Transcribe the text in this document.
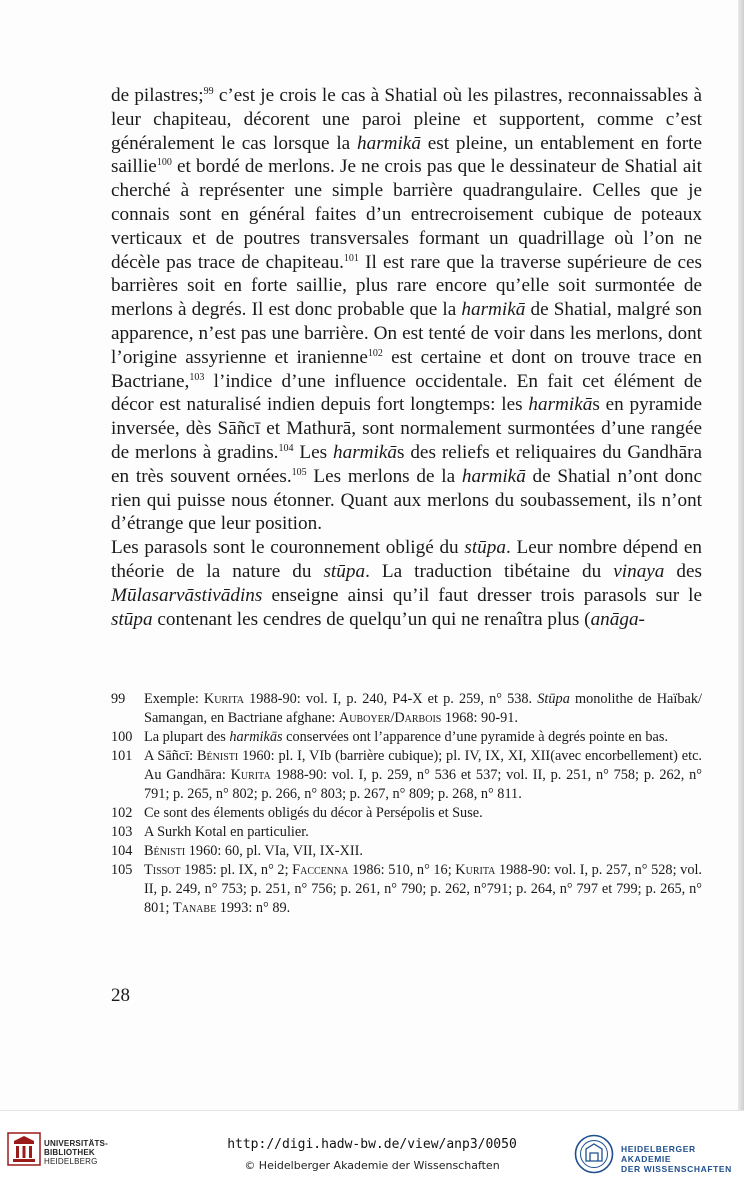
de pilastres;$^{99}$ c’est je crois le cas à Shatial où les pilastres, reconnaissables à leur chapiteau, décorent une paroi pleine et supportent, comme c’est généralement le cas lorsque la harmikā est pleine, un entablement en forte saillie$^{100}$ et bordé de merlons. Je ne crois pas que le dessinateur de Shatial ait cherché à représenter une simple barrière quadrangulaire. Celles que je connais sont en général faites d’un entrecroisement cubique de poteaux verticaux et de poutres transversales formant un quadrillage où l’on ne décèle pas trace de chapiteau.$^{101}$ Il est rare que la traverse supérieure de ces barrières soit en forte saillie, plus rare encore qu’elle soit surmontée de merlons à degrés. Il est donc probable que la harmikā de Shatial, malgré son apparence, n’est pas une barrière. On est tenté de voir dans les merlons, dont l’origine assyrienne et iranienne$^{102}$ est certaine et dont on trouve trace en Bactriane,$^{103}$ l’indice d’une influence occidentale. En fait cet élément de décor est naturalisé indien depuis fort longtemps: les harmikās en pyramide inversée, dès Sāñcī et Mathurā, sont normalement surmontées d’une rangée de merlons à gradins.$^{104}$ Les harmikās des reliefs et reliquaires du Gandhāra en très souvent ornées.$^{105}$ Les merlons de la harmikā de Shatial n’ont donc rien qui puisse nous étonner. Quant aux merlons du soubassement, ils n’ont d’étrange que leur position.

Les parasols sont le couronnement obligé du stūpa. Leur nombre dépend en théorie de la nature du stūpa. La traduction tibétaine du vinaya des Mūlasarvāstivādins enseigne ainsi qu’il faut dresser trois parasols sur le stūpa contenant les cendres de quelqu’un qui ne renaîtra plus (anāga-

99	Exemple: Kurita 1988-90: vol. I, p. 240, P4-X et p. 259, n° 538. Stūpa monolithe de Haïbak/ Samangan, en Bactriane afghane: Auboyer/Darbois 1968: 90-91.
100 La plupart des harmikās conservées ont l’apparence d’une pyramide à degrés pointe en bas.
101 A Sāñcī: Bénisti 1960: pl. I, VIb (barrière cubique); pl. IV, IX, XI, XII(avec encorbellement) etc. Au Gandhāra: Kurita 1988-90: vol. I, p. 259, n° 536 et 537; vol. II, p. 251, n° 758; p. 262, n° 791; p. 265, n° 802; p. 266, n° 803; p. 267, n° 809; p. 268, n° 811.
102 Ce sont des élements obligés du décor à Persépolis et Suse.
103 A Surkh Kotal en particulier.
104 Bénisti 1960: 60, pl. VIa, VII, IX-XII.
105 Tissot 1985: pl. IX, n° 2; Faccenna 1986: 510, n° 16; Kurita 1988-90: vol. I, p. 257, n° 528; vol. II, p. 249, n° 753; p. 251, n° 756; p. 261, n° 790; p. 262, n°791; p. 264, n° 797 et 799; p. 265, n° 801; Tanabe 1993: n° 89.
28
UNIVERSITÄTS-
BIBLIOTHEK
HEIDELBERG
http://digi.hadw-bw.de/view/anp3/0050
© Heidelberger Akademie der Wissenschaften
HEIDELBERGER AKADEMIE
DER WISSENSCHAFTEN
